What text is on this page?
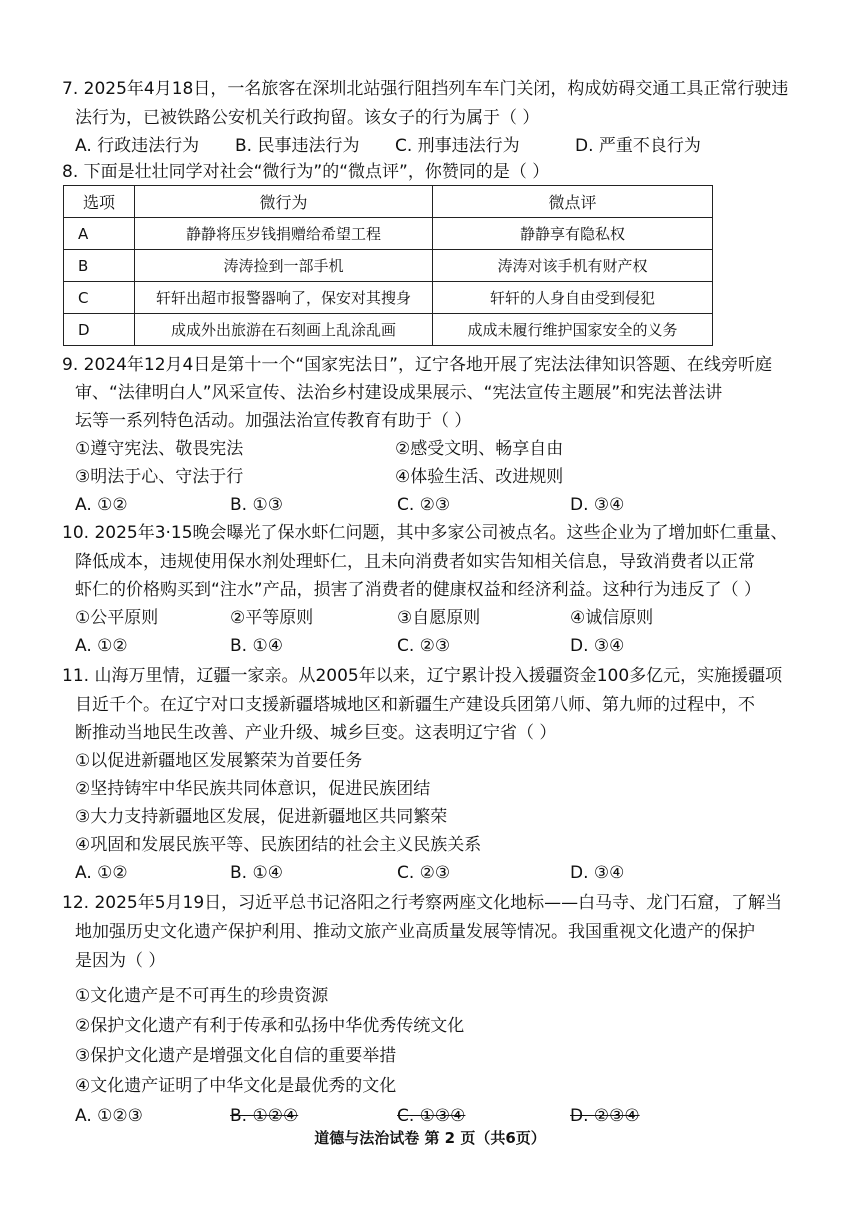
7. 2025年4月18日，一名旅客在深圳北站强行阻挡列车车门关闭，构成妨碍交通工具正常行驶违
法行为，已被铁路公安机关行政拘留。该女子的行为属于（ ）
A. 行政违法行为 B. 民事违法行为 C. 刑事违法行为	D. 严重不良行为
8. 下面是壮壮同学对社会“微行为”的“微点评”，你赞同的是（ ）
选项	微行为	微点评
A	静静将压岁钱捐赠给希望工程	静静享有隐私权
B	涛涛捡到一部手机	涛涛对该手机有财产权
C	轩轩出超市报警器响了，保安对其搜身	轩轩的人身自由受到侵犯
D	成成外出旅游在石刻画上乱涂乱画	成成未履行维护国家安全的义务
9. 2024年12月4日是第十一个“国家宪法日”，辽宁各地开展了宪法法律知识答题、在线旁听庭
审、“法律明白人”风采宣传、法治乡村建设成果展示、“宪法宣传主题展”和宪法普法讲
坛等一系列特色活动。加强法治宣传教育有助于（ ）
①遵守宪法、敬畏宪法	②感受文明、畅享自由
③明法于心、守法于行	④体验生活、改进规则
A. ①②	B. ①③	C. ②③	D. ③④
10. 2025年3·15晚会曝光了保水虾仁问题，其中多家公司被点名。这些企业为了增加虾仁重量、
降低成本，违规使用保水剂处理虾仁，且未向消费者如实告知相关信息，导致消费者以正常
虾仁的价格购买到“注水”产品，损害了消费者的健康权益和经济利益。这种行为违反了（ ）
①公平原则	②平等原则	③自愿原则	④诚信原则
A. ①②	B. ①④	C. ②③	D. ③④
11. 山海万里情，辽疆一家亲。从2005年以来，辽宁累计投入援疆资金100多亿元，实施援疆项
目近千个。在辽宁对口支援新疆塔城地区和新疆生产建设兵团第八师、第九师的过程中，不
断推动当地民生改善、产业升级、城乡巨变。这表明辽宁省（ ）
①以促进新疆地区发展繁荣为首要任务
②坚持铸牢中华民族共同体意识，促进民族团结
③大力支持新疆地区发展，促进新疆地区共同繁荣
④巩固和发展民族平等、民族团结的社会主义民族关系
A. ①②	B. ①④	C. ②③	D. ③④
12. 2025年5月19日，习近平总书记洛阳之行考察两座文化地标——白马寺、龙门石窟，了解当
地加强历史文化遗产保护利用、推动文旅产业高质量发展等情况。我国重视文化遗产的保护
是因为（ ）
①文化遗产是不可再生的珍贵资源
②保护文化遗产有利于传承和弘扬中华优秀传统文化
③保护文化遗产是增强文化自信的重要举措
④文化遗产证明了中华文化是最优秀的文化
A. ①②③	B. ①②④	C. ①③④	D. ②③④
道德与法治试卷 第 2 页（共6页）
